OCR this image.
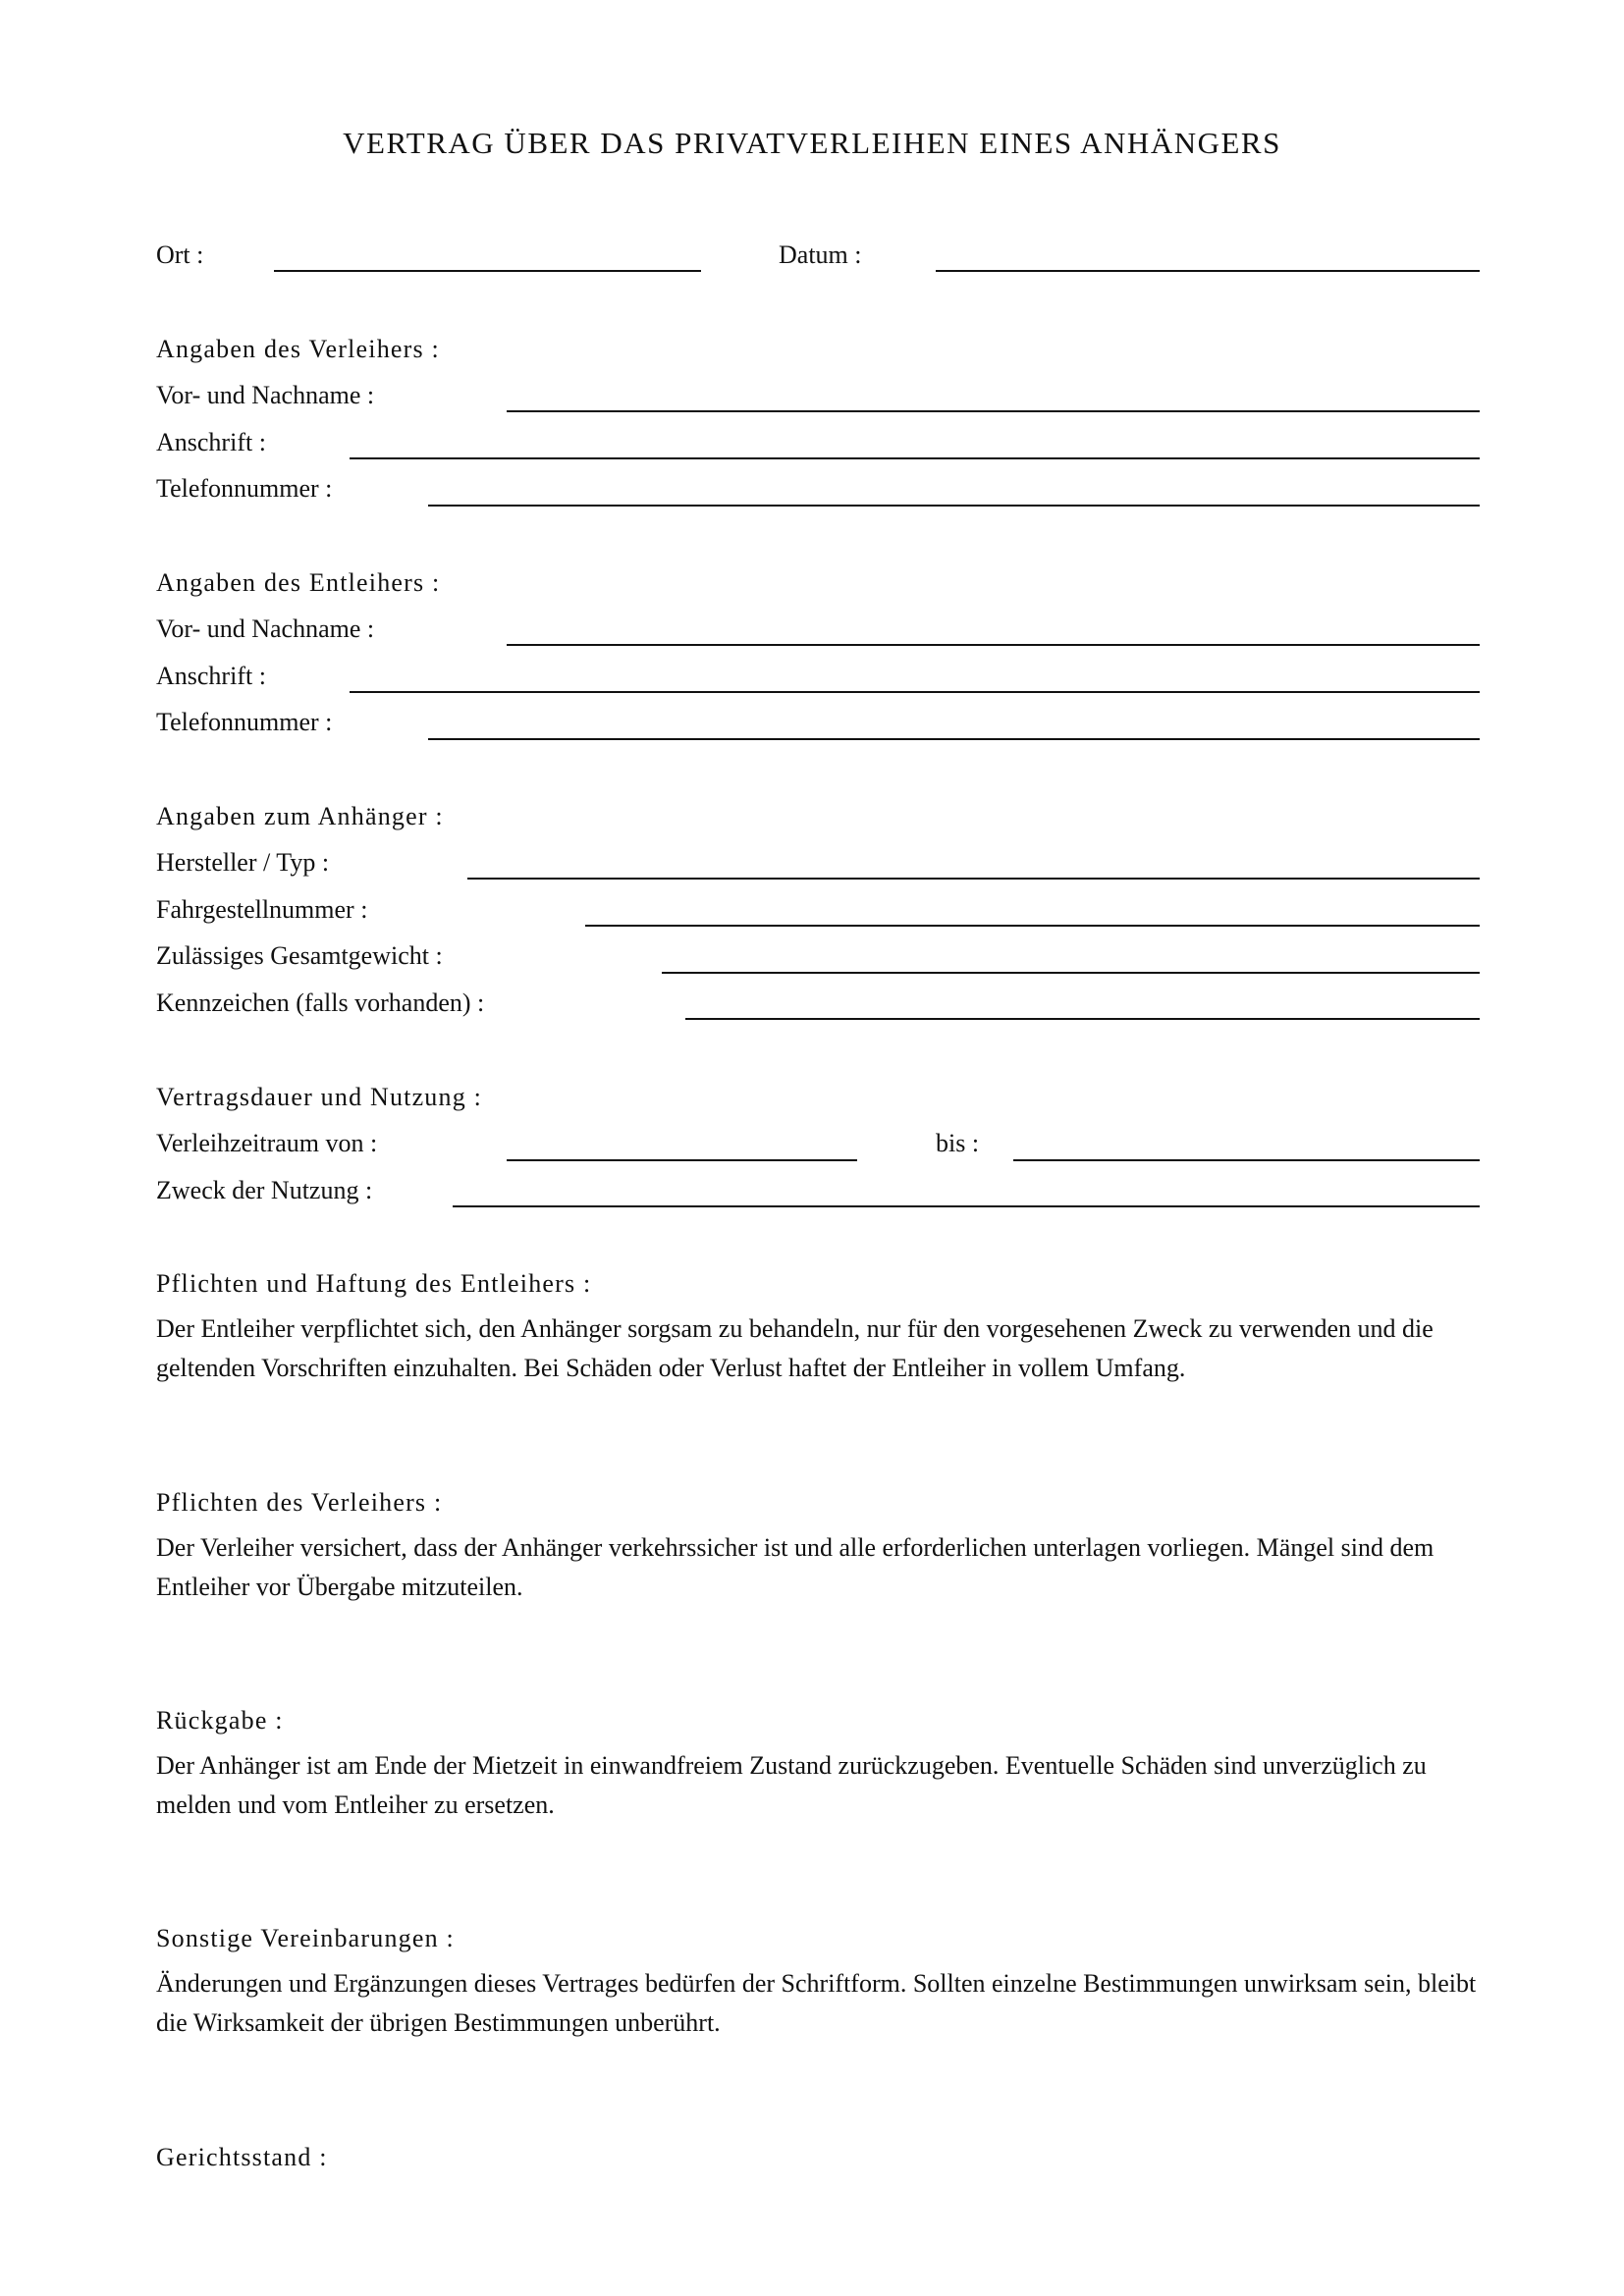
VERTRAG ÜBER DAS PRIVATVERLEIHEN EINES ANHÄNGERS
Ort :	Datum :
Angaben des Verleihers :
Vor- und Nachname :
Anschrift :
Telefonnummer :
Angaben des Entleihers :
Vor- und Nachname :
Anschrift :
Telefonnummer :
Angaben zum Anhänger :
Hersteller / Typ :
Fahrgestellnummer :
Zulässiges Gesamtgewicht :
Kennzeichen (falls vorhanden) :
Vertragsdauer und Nutzung :
Verleihzeitraum von :	bis :
Zweck der Nutzung :
Pflichten und Haftung des Entleihers :
Der Entleiher verpflichtet sich, den Anhänger sorgsam zu behandeln, nur für den vorgesehenen Zweck zu verwenden und die geltenden Vorschriften einzuhalten. Bei Schäden oder Verlust haftet der Entleiher in vollem Umfang.
Pflichten des Verleihers :
Der Verleiher versichert, dass der Anhänger verkehrssicher ist und alle erforderlichen unterlagen vorliegen. Mängel sind dem Entleiher vor Übergabe mitzuteilen.
Rückgabe :
Der Anhänger ist am Ende der Mietzeit in einwandfreiem Zustand zurückzugeben. Eventuelle Schäden sind unverzüglich zu melden und vom Entleiher zu ersetzen.
Sonstige Vereinbarungen :
Änderungen und Ergänzungen dieses Vertrages bedürfen der Schriftform. Sollten einzelne Bestimmungen unwirksam sein, bleibt die Wirksamkeit der übrigen Bestimmungen unberührt.
Gerichtsstand :
